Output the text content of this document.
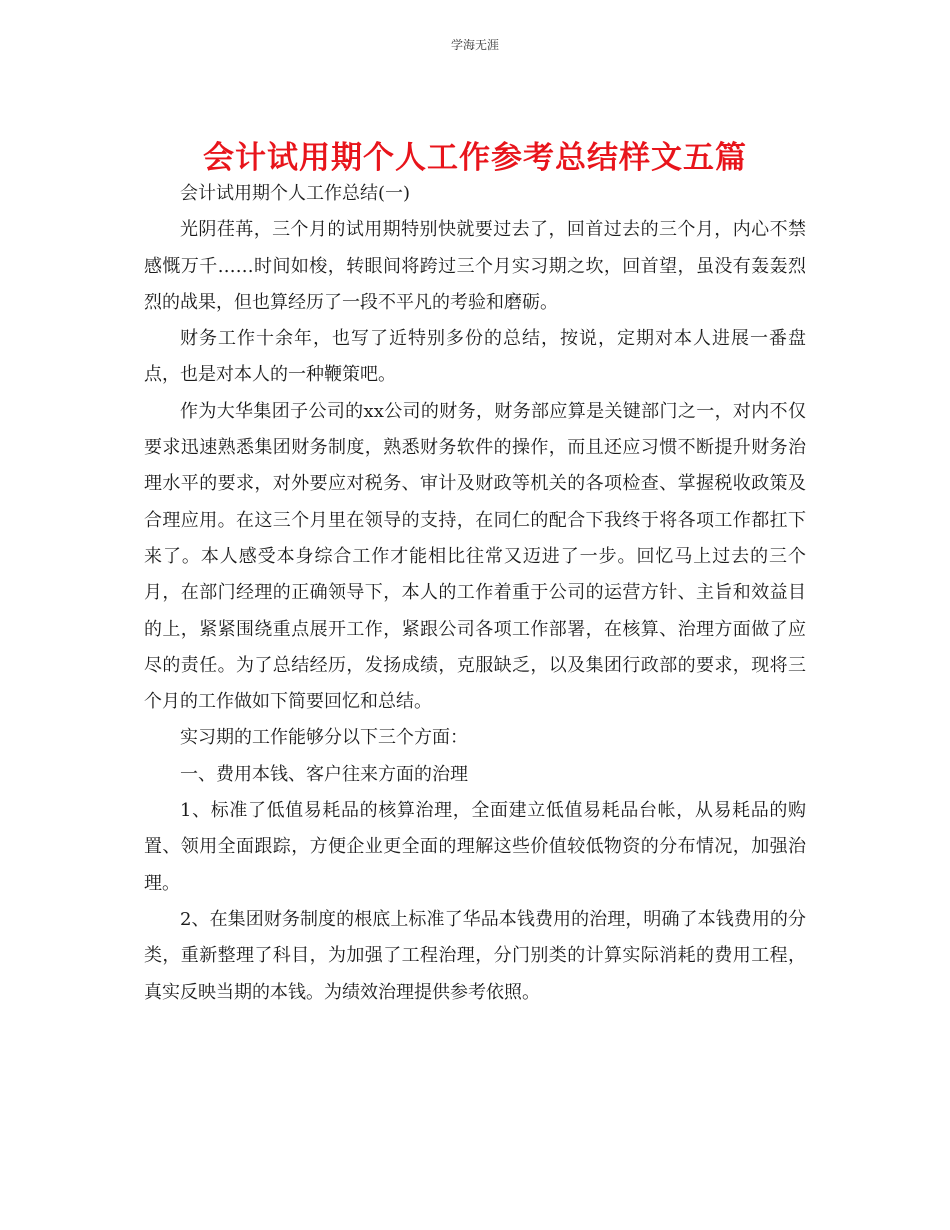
学海无涯
会计试用期个人工作参考总结样文五篇

会计试用期个人工作总结(一)

光阴荏苒，三个月的试用期特别快就要过去了，回首过去的三个月，内心不禁感慨万千……时间如梭，转眼间将跨过三个月实习期之坎，回首望，虽没有轰轰烈烈的战果，但也算经历了一段不平凡的考验和磨砺。

财务工作十余年，也写了近特别多份的总结，按说，定期对本人进展一番盘点，也是对本人的一种鞭策吧。

作为大华集团子公司的xx公司的财务，财务部应算是关键部门之一，对内不仅要求迅速熟悉集团财务制度，熟悉财务软件的操作，而且还应习惯不断提升财务治理水平的要求，对外要应对税务、审计及财政等机关的各项检查、掌握税收政策及合理应用。在这三个月里在领导的支持，在同仁的配合下我终于将各项工作都扛下来了。本人感受本身综合工作才能相比往常又迈进了一步。回忆马上过去的三个月，在部门经理的正确领导下，本人的工作着重于公司的运营方针、主旨和效益目的上，紧紧围绕重点展开工作，紧跟公司各项工作部署，在核算、治理方面做了应尽的责任。为了总结经历，发扬成绩，克服缺乏，以及集团行政部的要求，现将三个月的工作做如下简要回忆和总结。

实习期的工作能够分以下三个方面：

一、费用本钱、客户往来方面的治理

1、标准了低值易耗品的核算治理，全面建立低值易耗品台帐，从易耗品的购置、领用全面跟踪，方便企业更全面的理解这些价值较低物资的分布情况，加强治理。

2、在集团财务制度的根底上标准了华品本钱费用的治理，明确了本钱费用的分类，重新整理了科目，为加强了工程治理，分门别类的计算实际消耗的费用工程，真实反映当期的本钱。为绩效治理提供参考依照。
